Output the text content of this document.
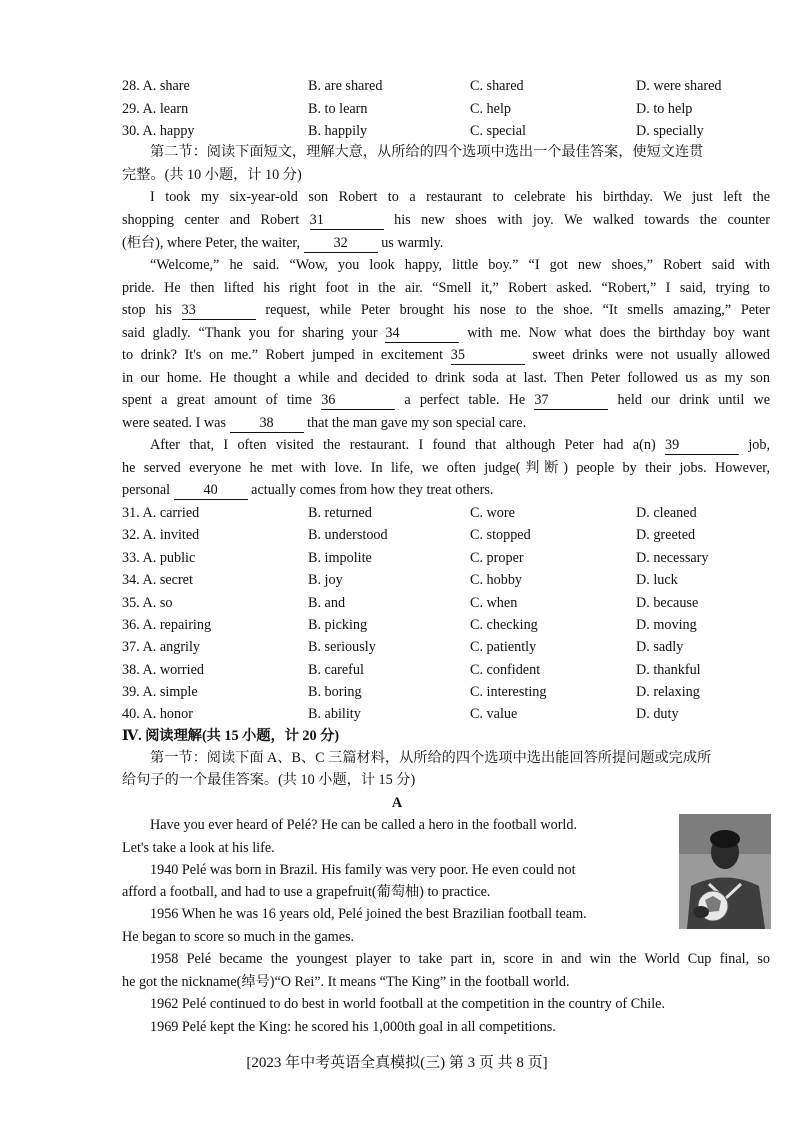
28. A. share	B. are shared	C. shared	D. were shared
29. A. learn	B. to learn	C. help	D. to help
30. A. happy	B. happily	C. special	D. specially
第二节：阅读下面短文，理解大意，从所给的四个选项中选出一个最佳答案，使短文连贯
完整。(共 10 小题，计 10 分)
I took my six-year-old son Robert to a restaurant to celebrate his birthday. We just left the
shopping center and Robert 31	his new shoes with joy. We walked towards the counter
(柜台), where Peter, the waiter, 32 us warmly.
“Welcome,” he said. “Wow, you look happy, little boy.” “I got new shoes,” Robert said with
pride. He then lifted his right foot in the air. “Smell it,” Robert asked. “Robert,” I said, trying to
stop his 33	request, while Peter brought his nose to the shoe. “It smells amazing,” Peter
said gladly. “Thank you for sharing your 34	with me. Now what does the birthday boy want
to drink? It's on me.” Robert jumped in excitement 35	sweet drinks were not usually allowed
in our home. He thought a while and decided to drink soda at last. Then Peter followed us as my son
spent a great amount of time 36	a perfect table. He 37	held our drink until we
were seated. I was 38 that the man gave my son special care.
After that, I often visited the restaurant. I found that although Peter had a(n) 39	job,
he served everyone he met with love. In life, we often judge(判断) people by their jobs. However,
personal 40 actually comes from how they treat others.
31. A. carried	B. returned	C. wore	D. cleaned
32. A. invited	B. understood	C. stopped	D. greeted
33. A. public	B. impolite	C. proper	D. necessary
34. A. secret	B. joy	C. hobby	D. luck
35. A. so	B. and	C. when	D. because
36. A. repairing	B. picking	C. checking	D. moving
37. A. angrily	B. seriously	C. patiently	D. sadly
38. A. worried	B. careful	C. confident	D. thankful
39. A. simple	B. boring	C. interesting	D. relaxing
40. A. honor	B. ability	C. value	D. duty
Ⅳ. 阅读理解(共 15 小题，计 20 分)
第一节：阅读下面 A、B、C 三篇材料，从所给的四个选项中选出能回答所提问题或完成所
给句子的一个最佳答案。(共 10 小题，计 15 分)
A
Have you ever heard of Pelé? He can be called a hero in the football world.
Let's take a look at his life.
1940 Pelé was born in Brazil. His family was very poor. He even could not
afford a football, and had to use a grapefruit(葡萄柚) to practice.
1956 When he was 16 years old, Pelé joined the best Brazilian football team.
He began to score so much in the games.
1958 Pelé became the youngest player to take part in, score in and win the World Cup final, so
he got the nickname(绰号)“O Rei”. It means “The King” in the football world.
1962 Pelé continued to do best in world football at the competition in the country of Chile.
1969 Pelé kept the King: he scored his 1,000th goal in all competitions.
[2023 年中考英语全真模拟(三) 第 3 页 共 8 页]
